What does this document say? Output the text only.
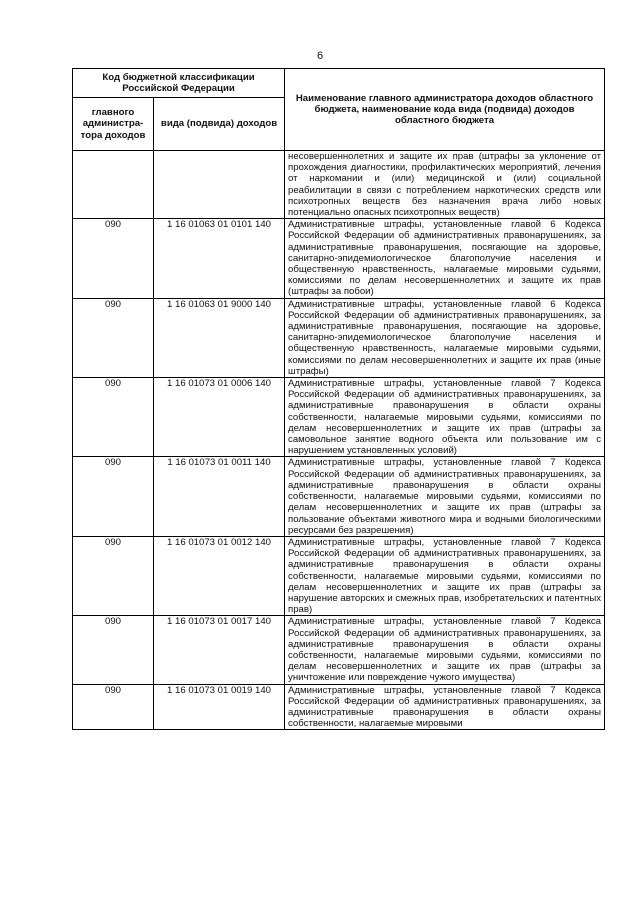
6
Код бюджетной классификации Российской Федерации		Наименование главного администратора доходов областного бюджета, наименование кода вида (подвида) доходов областного бюджета
главного администра-тора доходов	вида (подвида) доходов	
		несовершеннолетних и защите их прав (штрафы за уклонение от прохождения диагностики, профилактических мероприятий, лечения от наркомании и (или) медицинской и (или) социальной реабилитации в связи с потреблением наркотических средств или психотропных веществ без назначения врача либо новых потенциально опасных психотропных веществ)
090	1 16 01063 01 0101 140	Административные штрафы, установленные главой 6 Кодекса Российской Федерации об административных правонарушениях, за административные правонарушения, посягающие на здоровье, санитарно-эпидемиологическое благополучие населения и общественную нравственность, налагаемые мировыми судьями, комиссиями по делам несовершеннолетних и защите их прав (штрафы за побои)
090	1 16 01063 01 9000 140	Административные штрафы, установленные главой 6 Кодекса Российской Федерации об административных правонарушениях, за административные правонарушения, посягающие на здоровье, санитарно-эпидемиологическое благополучие населения и общественную нравственность, налагаемые мировыми судьями, комиссиями по делам несовершеннолетних и защите их прав (иные штрафы)
090	1 16 01073 01 0006 140	Административные штрафы, установленные главой 7 Кодекса Российской Федерации об административных правонарушениях, за административные правонарушения в области охраны собственности, налагаемые мировыми судьями, комиссиями по делам несовершеннолетних и защите их прав (штрафы за самовольное занятие водного объекта или пользование им с нарушением установленных условий)
090	1 16 01073 01 0011 140	Административные штрафы, установленные главой 7 Кодекса Российской Федерации об административных правонарушениях, за административные правонарушения в области охраны собственности, налагаемые мировыми судьями, комиссиями по делам несовершеннолетних и защите их прав (штрафы за пользование объектами животного мира и водными биологическими ресурсами без разрешения)
090	1 16 01073 01 0012 140	Административные штрафы, установленные главой 7 Кодекса Российской Федерации об административных правонарушениях, за административные правонарушения в области охраны собственности, налагаемые мировыми судьями, комиссиями по делам несовершеннолетних и защите их прав (штрафы за нарушение авторских и смежных прав, изобретательских и патентных прав)
090	1 16 01073 01 0017 140	Административные штрафы, установленные главой 7 Кодекса Российской Федерации об административных правонарушениях, за административные правонарушения в области охраны собственности, налагаемые мировыми судьями, комиссиями по делам несовершеннолетних и защите их прав (штрафы за уничтожение или повреждение чужого имущества)
090	1 16 01073 01 0019 140	Административные штрафы, установленные главой 7 Кодекса Российской Федерации об административных правонарушениях, за административные правонарушения в области охраны собственности, налагаемые мировыми
